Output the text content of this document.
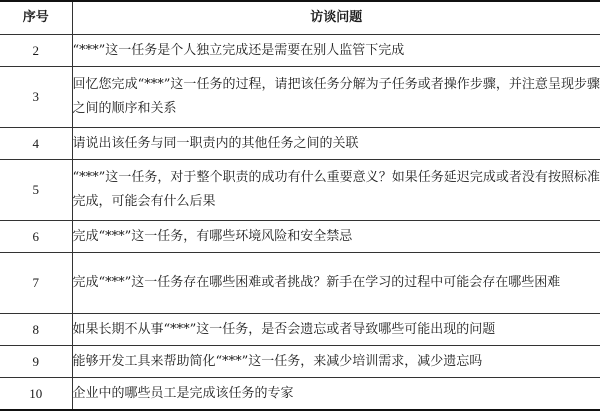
序号	访谈问题
2	“***”这一任务是个人独立完成还是需要在别人监管下完成
3	回忆您完成“***”这一任务的过程，请把该任务分解为子任务或者操作步骤，并注意呈现步骤之间的顺序和关系
4	请说出该任务与同一职责内的其他任务之间的关联
5	“***”这一任务，对于整个职责的成功有什么重要意义？如果任务延迟完成或者没有按照标准完成，可能会有什么后果
6	完成“***”这一任务，有哪些环境风险和安全禁忌
7	完成“***”这一任务存在哪些困难或者挑战？新手在学习的过程中可能会存在哪些困难
8	如果长期不从事“***”这一任务，是否会遗忘或者导致哪些可能出现的问题
9	能够开发工具来帮助简化“***”这一任务，来减少培训需求，减少遗忘吗
10	企业中的哪些员工是完成该任务的专家
